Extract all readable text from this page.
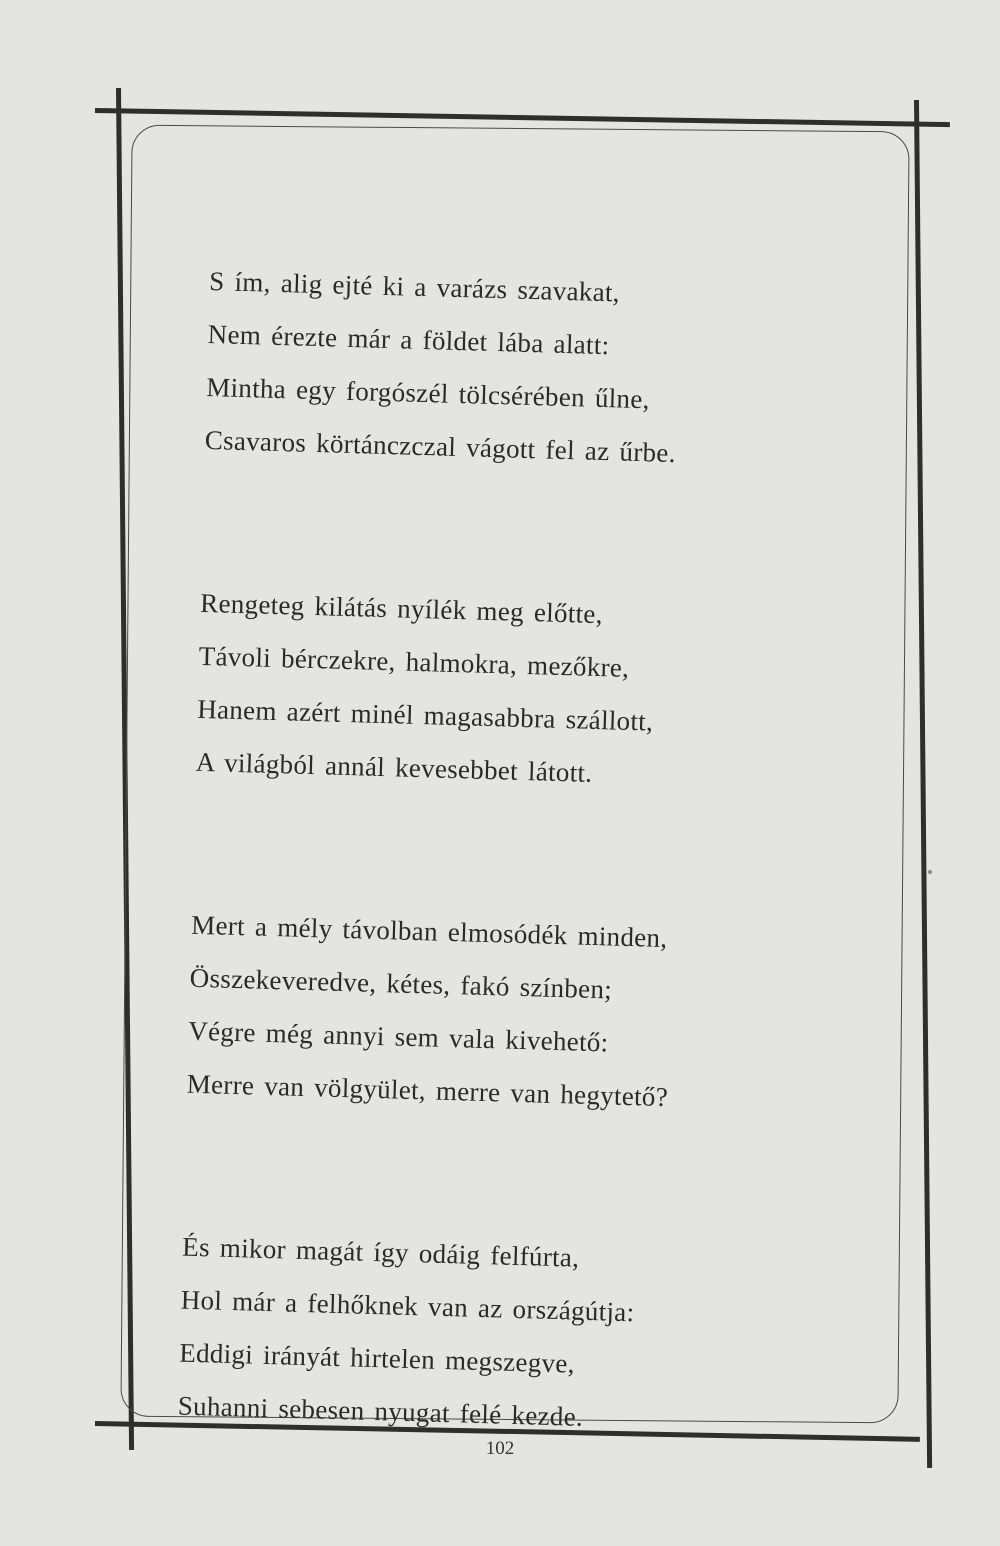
S ím, alig ejté ki a varázs szavakat,
Nem érezte már a földet lába alatt:
Mintha egy forgószél tölcsérében űlne,
Csavaros körtánczczal vágott fel az űrbe.
Rengeteg kilátás nyílék meg előtte,
Távoli bérczekre, halmokra, mezőkre,
Hanem azért minél magasabbra szállott,
A világból annál kevesebbet látott.
Mert a mély távolban elmosódék minden,
Összekeveredve, kétes, fakó színben;
Végre még annyi sem vala kivehető:
Merre van völgyület, merre van hegytető?
És mikor magát így odáig felfúrta,
Hol már a felhőknek van az országútja:
Eddigi irányát hirtelen megszegve,
Suhanni sebesen nyugat felé kezde.
102
